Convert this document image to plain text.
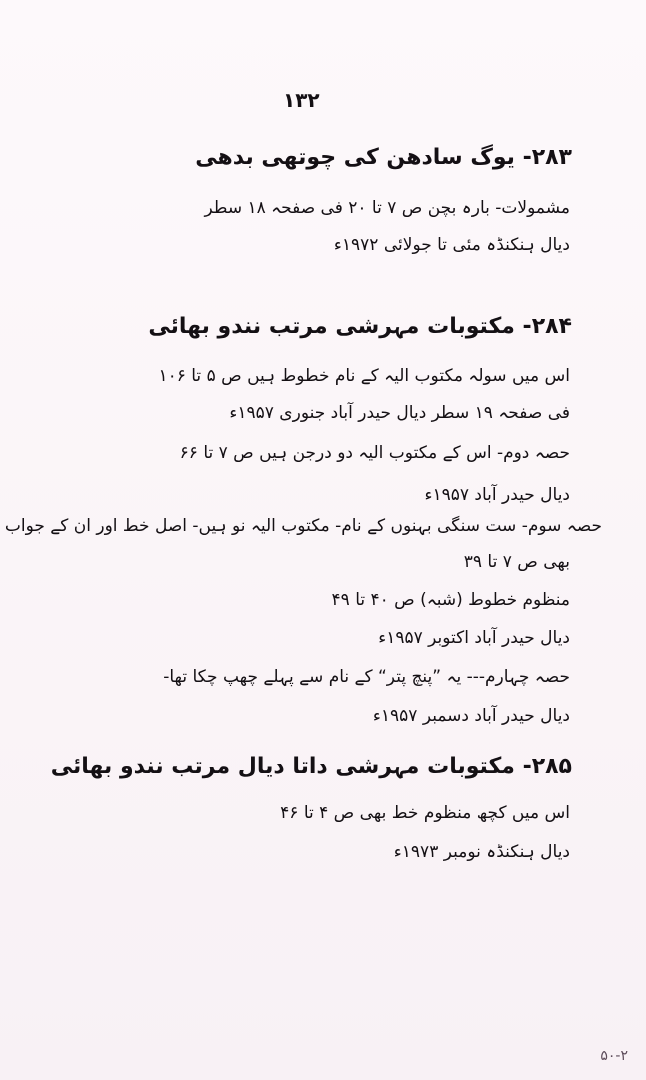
۱۳۲
۲۸۳- یوگ سادھن کی چوتھی بدھی
مشمولات- بارہ بچن ص ۷ تا ۲۰ فی صفحہ ۱۸ سطر
دیال ہنکنڈہ مئی تا جولائی ۱۹۷۲ء
۲۸۴- مکتوبات مہرشی مرتب نندو بھائی
اس میں سولہ مکتوب الیہ کے نام خطوط ہیں ص ۵ تا ۱۰۶
فی صفحہ ۱۹ سطر دیال حیدر آباد جنوری ۱۹۵۷ء
حصہ دوم- اس کے مکتوب الیہ دو درجن ہیں ص ۷ تا ۶۶
دیال حیدر آباد ۱۹۵۷ء
حصہ سوم- ست سنگی بہنوں کے نام- مکتوب الیہ نو ہیں- اصل خط اور ان کے جواب
بھی ص ۷ تا ۳۹
منظوم خطوط (شبہ) ص ۴۰ تا ۴۹
دیال حیدر آباد اکتوبر ۱۹۵۷ء
حصہ چہارم--- یہ ”پنچ پتر“ کے نام سے پہلے چھپ چکا تھا-
دیال حیدر آباد دسمبر ۱۹۵۷ء
۲۸۵- مکتوبات مہرشی داتا دیال مرتب نندو بھائی
اس میں کچھ منظوم خط بھی ص ۴ تا ۴۶
دیال ہنکنڈہ نومبر ۱۹۷۳ء
۵۰-۲
